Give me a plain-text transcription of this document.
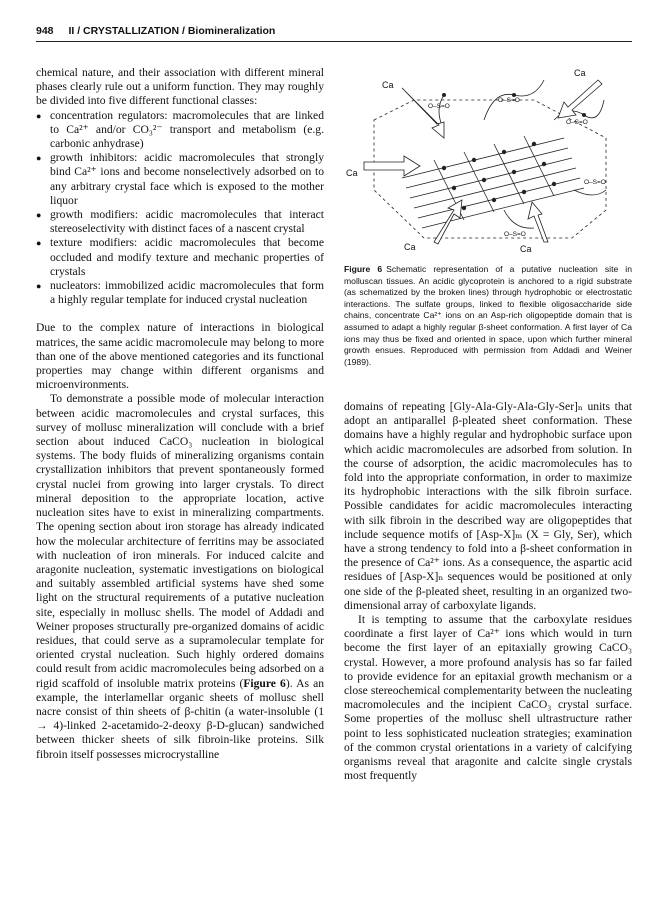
948 II / CRYSTALLIZATION / Biomineralization

chemical nature, and their association with different mineral phases clearly rule out a uniform function. They may roughly be divided into five different functional classes:

● concentration regulators: macromolecules that are linked to Ca²⁺ and/or CO₃²⁻ transport and metabolism (e.g. carbonic anhydrase)
● growth inhibitors: acidic macromolecules that strongly bind Ca²⁺ ions and become nonselectively adsorbed on to any arbitrary crystal face which is exposed to the mother liquor
● growth modifiers: acidic macromolecules that interact stereoselectivity with distinct faces of a nascent crystal
● texture modifiers: acidic macromolecules that become occluded and modify texture and mechanic properties of crystals
● nucleators: immobilized acidic macromolecules that form a highly regular template for induced crystal nucleation

Due to the complex nature of interactions in biological matrices, the same acidic macromolecule may belong to more than one of the above mentioned categories and its functional properties may change within different organisms and microenvironments.

To demonstrate a possible mode of molecular interaction between acidic macromolecules and crystal surfaces, this survey of mollusc mineralization will conclude with a brief section about induced CaCO₃ nucleation in biological systems. The body fluids of mineralizing organisms contain crystallization inhibitors that prevent spontaneously formed crystal nuclei from growing into larger crystals. To direct mineral deposition to the appropriate location, active nucleation sites have to exist in mineralizing compartments. The opening section about iron storage has already indicated how the molecular architecture of ferritins may be associated with nucleation of iron minerals. For induced calcite and aragonite nucleation, systematic investigations on biological and suitably assembled artificial systems have shed some light on the structural requirements of a putative nucleation site, especially in mollusc shells. The model of Addadi and Weiner proposes structurally pre-organized domains of acidic residues, that could serve as a supramolecular template for oriented crystal nucleation. Such highly ordered domains could result from acidic macromolecules being adsorbed on a rigid scaffold of insoluble matrix proteins (Figure 6). As an example, the interlamellar organic sheets of mollusc shell nacre consist of thin sheets of β-chitin (a water-insoluble (1 → 4)-linked 2-acetamido-2-deoxy β-D-glucan) sandwiched between thicker sheets of silk fibroin-like proteins. Silk fibroin itself possesses microcrystalline

Ca
Ca
Ca
Ca	Ca
O–S=O
O–S=O
O–S=O
O–S=O
O–S=O
Figure 6 Schematic representation of a putative nucleation site in molluscan tissues. An acidic glycoprotein is anchored to a rigid substrate (as schematized by the broken lines) through hydrophobic or electrostatic interactions. The sulfate groups, linked to flexible oligosaccharide side chains, concentrate Ca²⁺ ions on an Asp-rich oligopeptide domain that is assumed to adapt a highly regular β-sheet conformation. A first layer of Ca ions may thus be fixed and oriented in space, upon which further mineral growth ensues. Reproduced with permission from Addadi and Weiner (1989).

domains of repeating [Gly-Ala-Gly-Ala-Gly-Ser]ₙ units that adopt an antiparallel β-pleated sheet conformation. These domains have a highly regular and hydrophobic surface upon which acidic macromolecules are adsorbed from solution. In the course of adsorption, the acidic macromolecules has to fold into the appropriate conformation, in order to maximize its hydrophobic interactions with the silk fibroin surface. Possible candidates for acidic macromolecules interacting with silk fibroin in the described way are oligopeptides that include sequence motifs of [Asp-X]ₘ (X = Gly, Ser), which have a strong tendency to fold into a β-sheet conformation in the presence of Ca²⁺ ions. As a consequence, the aspartic acid residues of [Asp-X]ₙ sequences would be positioned at only one side of the β-pleated sheet, resulting in an organized two-dimensional array of carboxylate ligands.

It is tempting to assume that the carboxylate residues coordinate a first layer of Ca²⁺ ions which would in turn become the first layer of an epitaxially growing CaCO₃ crystal. However, a more profound analysis has so far failed to provide evidence for an epitaxial growth mechanism or a close stereochemical complementarity between the nucleating macromolecules and the incipient CaCO₃ crystal surface. Some properties of the mollusc shell ultrastructure rather point to less sophisticated nucleation strategies; examination of the common crystal orientations in a variety of calcifying organisms reveal that aragonite and calcite single crystals most frequently
